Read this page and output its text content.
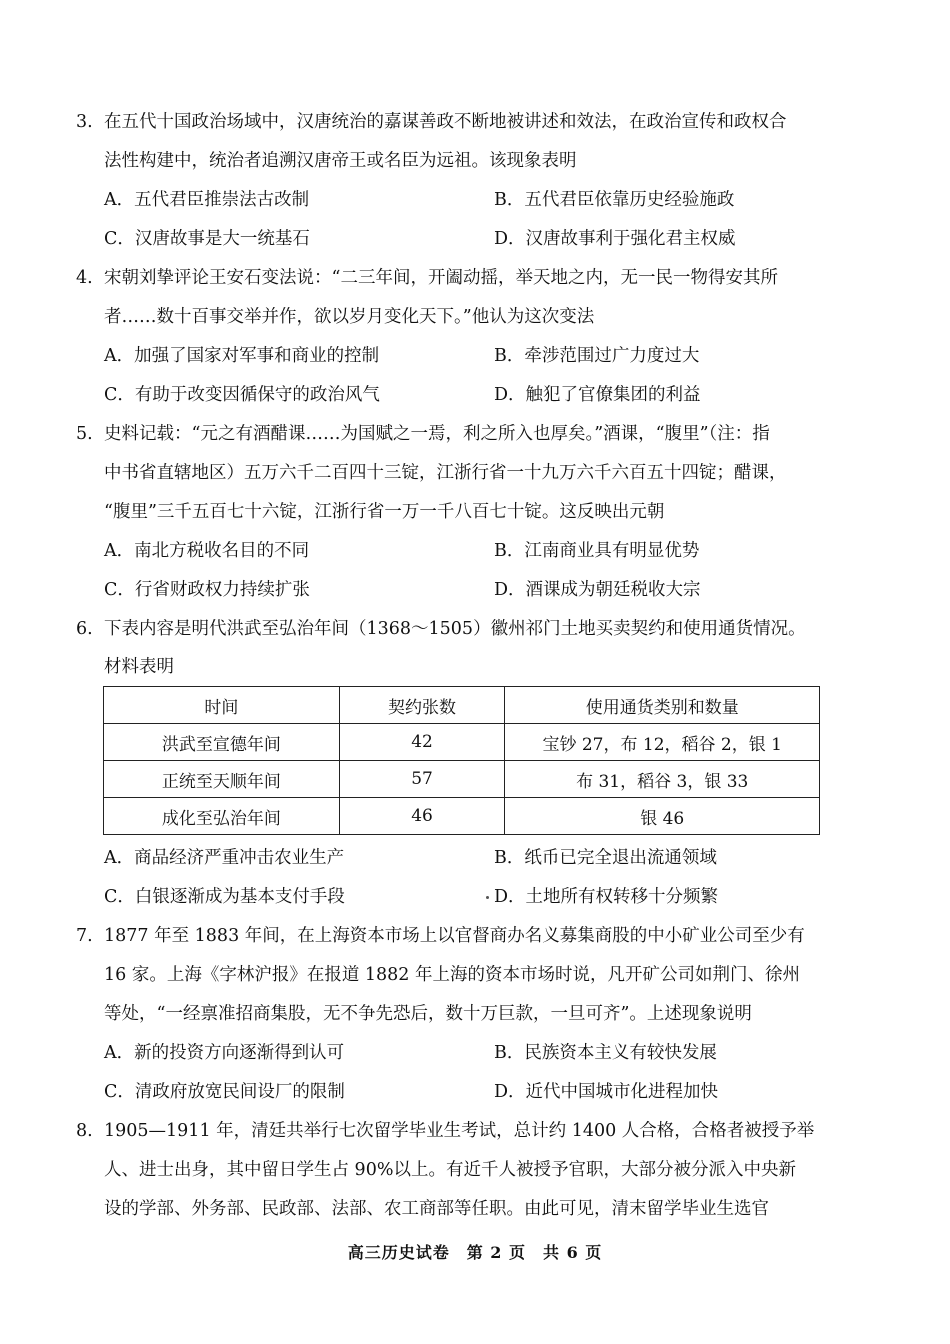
3. 在五代十国政治场域中，汉唐统治的嘉谋善政不断地被讲述和效法，在政治宣传和政权合
法性构建中，统治者追溯汉唐帝王或名臣为远祖。该现象表明
A．五代君臣推崇法古改制	B．五代君臣依靠历史经验施政
C．汉唐故事是大一统基石	D．汉唐故事利于强化君主权威
4. 宋朝刘挚评论王安石变法说：“二三年间，开阖动摇，举天地之内，无一民一物得安其所
者……数十百事交举并作，欲以岁月变化天下。”他认为这次变法
A．加强了国家对军事和商业的控制	B．牵涉范围过广力度过大
C．有助于改变因循保守的政治风气	D．触犯了官僚集团的利益
5. 史料记载：“元之有酒醋课……为国赋之一焉，利之所入也厚矣。”酒课，“腹里”（注：指
中书省直辖地区）五万六千二百四十三锭，江浙行省一十九万六千六百五十四锭；醋课，
“腹里”三千五百七十六锭，江浙行省一万一千八百七十锭。这反映出元朝
A．南北方税收名目的不同	B．江南商业具有明显优势
C．行省财政权力持续扩张	D．酒课成为朝廷税收大宗
6. 下表内容是明代洪武至弘治年间（1368～1505）徽州祁门土地买卖契约和使用通货情况。
材料表明
时间	契约张数	使用通货类别和数量
洪武至宣德年间	42	宝钞 27，布 12，稻谷 2，银 1
正统至天顺年间	57	布 31，稻谷 3，银 33
成化至弘治年间	46	银 46
A．商品经济严重冲击农业生产	B．纸币已完全退出流通领域
C．白银逐渐成为基本支付手段	D．土地所有权转移十分频繁
7. 1877 年至 1883 年间，在上海资本市场上以官督商办名义募集商股的中小矿业公司至少有
16 家。上海《字林沪报》在报道 1882 年上海的资本市场时说，凡开矿公司如荆门、徐州
等处，“一经禀准招商集股，无不争先恐后，数十万巨款，一旦可齐”。上述现象说明
A．新的投资方向逐渐得到认可	B．民族资本主义有较快发展
C．清政府放宽民间设厂的限制	D．近代中国城市化进程加快
8. 1905—1911 年，清廷共举行七次留学毕业生考试，总计约 1400 人合格，合格者被授予举
人、进士出身，其中留日学生占 90%以上。有近千人被授予官职，大部分被分派入中央新
设的学部、外务部、民政部、法部、农工商部等任职。由此可见，清末留学毕业生选官
高三历史试卷　第 2 页　共 6 页
